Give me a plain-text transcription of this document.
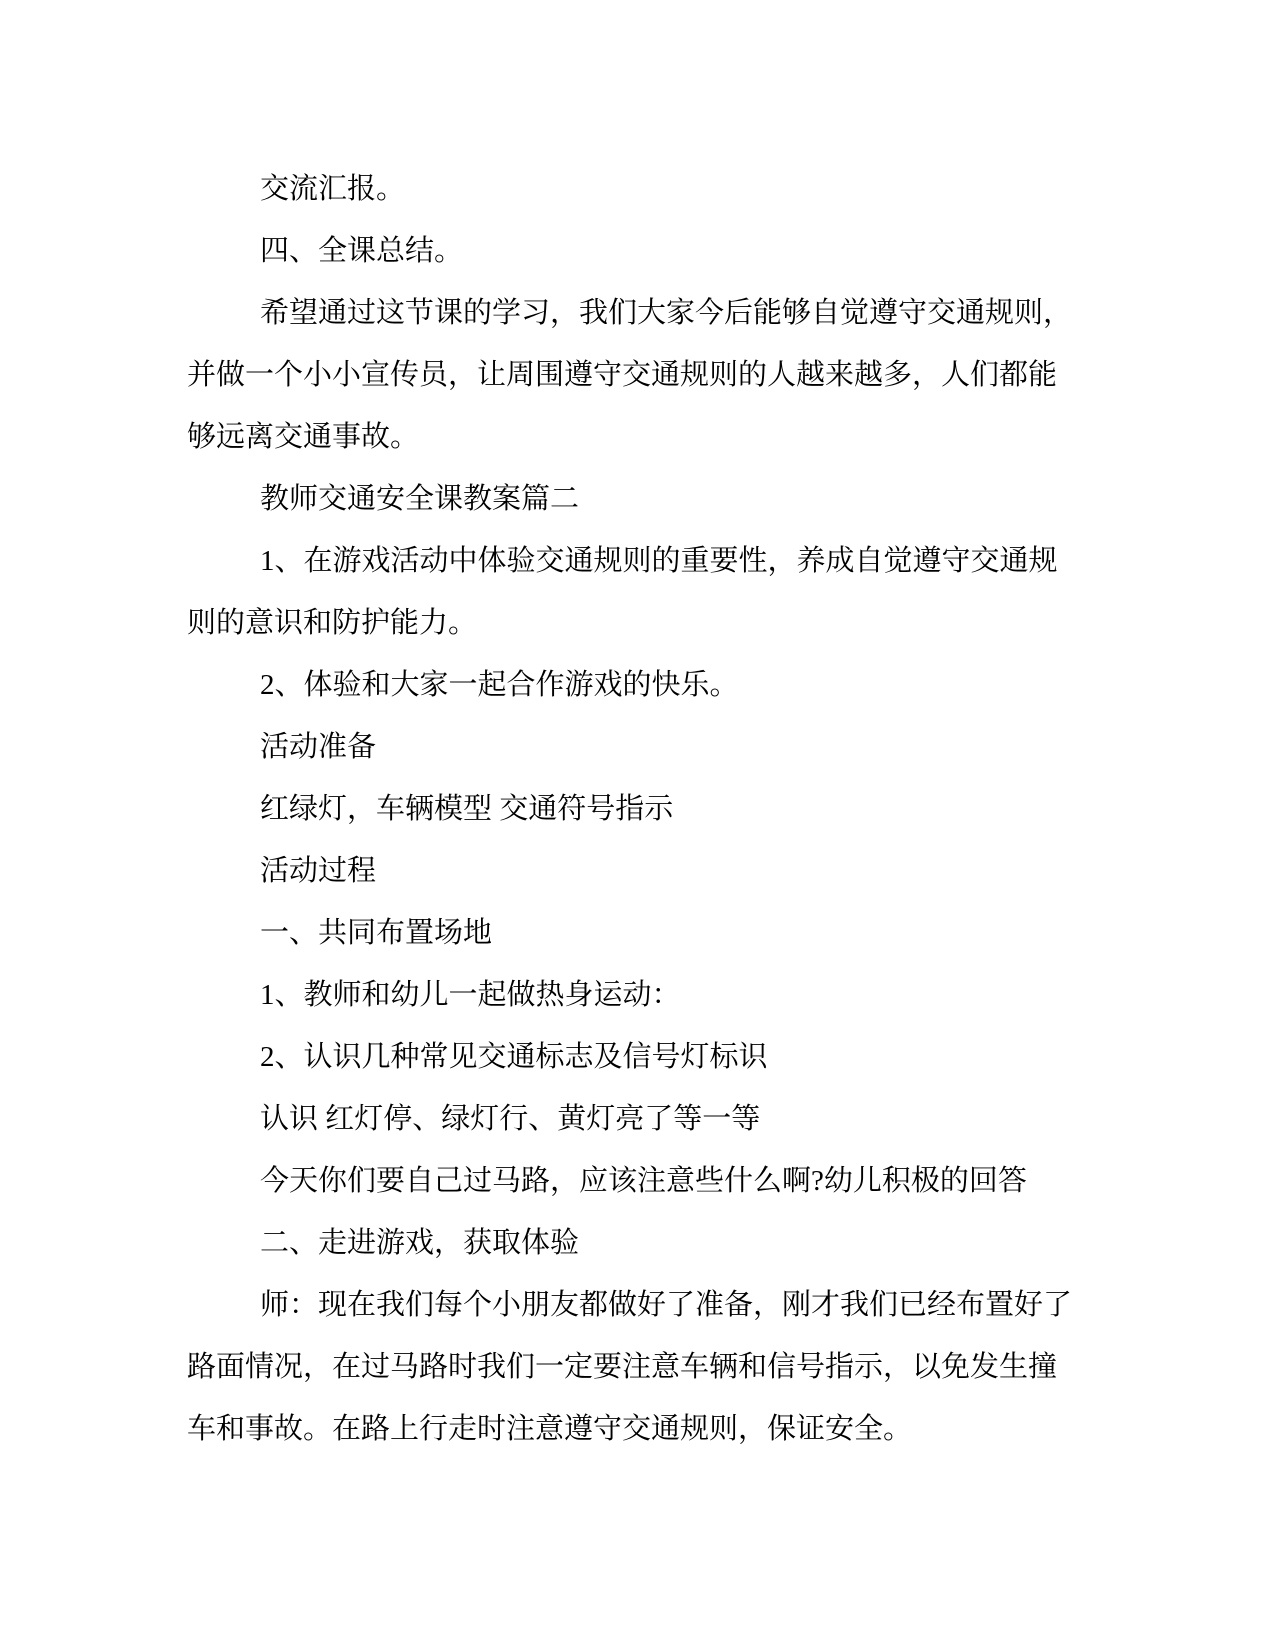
交流汇报。

四、全课总结。

希望通过这节课的学习，我们大家今后能够自觉遵守交通规则，

并做一个小小宣传员，让周围遵守交通规则的人越来越多，人们都能

够远离交通事故。

教师交通安全课教案篇二

1、在游戏活动中体验交通规则的重要性，养成自觉遵守交通规

则的意识和防护能力。

2、体验和大家一起合作游戏的快乐。

活动准备

红绿灯，车辆模型 交通符号指示

活动过程

一、共同布置场地

1、教师和幼儿一起做热身运动：

2、认识几种常见交通标志及信号灯标识

认识 红灯停、绿灯行、黄灯亮了等一等

今天你们要自己过马路，应该注意些什么啊?幼儿积极的回答

二、走进游戏，获取体验

师：现在我们每个小朋友都做好了准备，刚才我们已经布置好了

路面情况，在过马路时我们一定要注意车辆和信号指示，以免发生撞

车和事故。在路上行走时注意遵守交通规则，保证安全。
